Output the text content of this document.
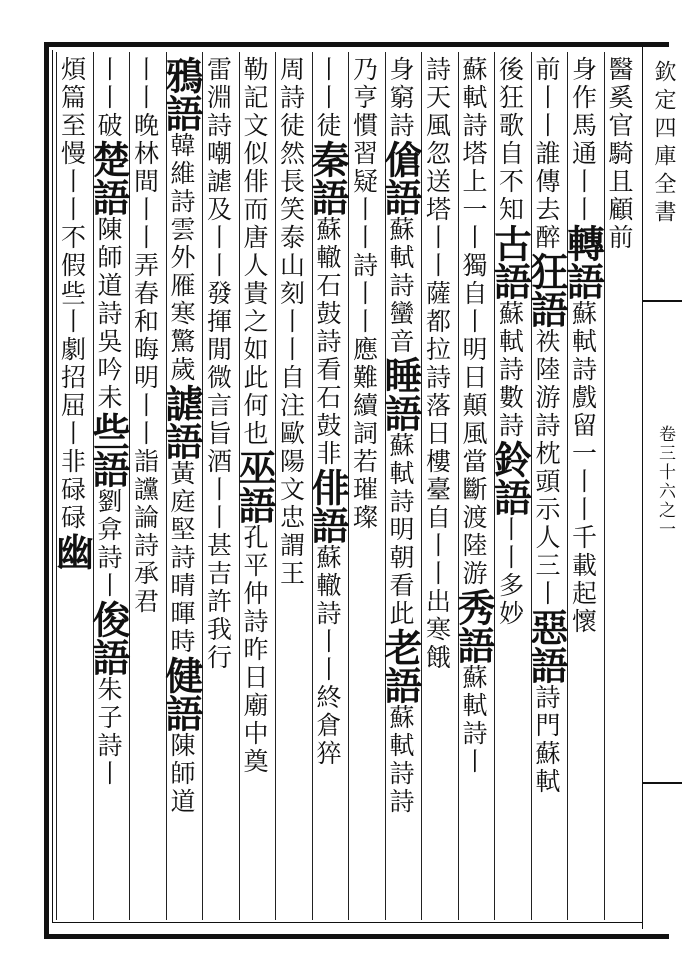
欽定四庫全書
卷三十六之一
醫奚官騎且顧前
身作馬通丨丨轉語蘇軾詩戲留一丨丨千載起懷
前丨丨誰傳去醉狂語祑陸游詩枕頭示人三丨惡語詩門蘇軾
後狂歌自不知古語蘇軾詩數詩鈴語丨丨多妙
蘇軾詩塔上一丨獨自丨明日顛風當斷渡陸游秀語蘇軾詩丨
詩天風忽送塔丨丨薩都拉詩落日樓臺自丨丨出寒餓
身窮詩傖語蘇軾詩蠻音睡語蘇軾詩明朝看此老語蘇軾詩詩
乃亨慣習疑丨丨詩丨丨應難續詞若璀璨
丨丨徒秦語蘇轍石鼓詩看石鼓非俳語蘇轍詩丨丨終倉猝
周詩徒然長笑泰山刻丨丨自注歐陽文忠謂王
勒記文似俳而唐人貴之如此何也巫語孔平仲詩昨日廟中奠
雷淵詩嘲謔及丨丨發揮閒微言旨酒丨丨甚吉許我行
鴉語韓維詩雲外雁寒驚歲謔語黃庭堅詩晴暉時健語陳師道
丨丨晚林間丨丨弄春和晦明丨丨詣讜論詩承君
丨丨破楚語陳師道詩吳吟未些語劉弇詩丨俊語朱子詩丨
煩篇至慢丨丨不假些丨劇招屈丨非碌碌幽
